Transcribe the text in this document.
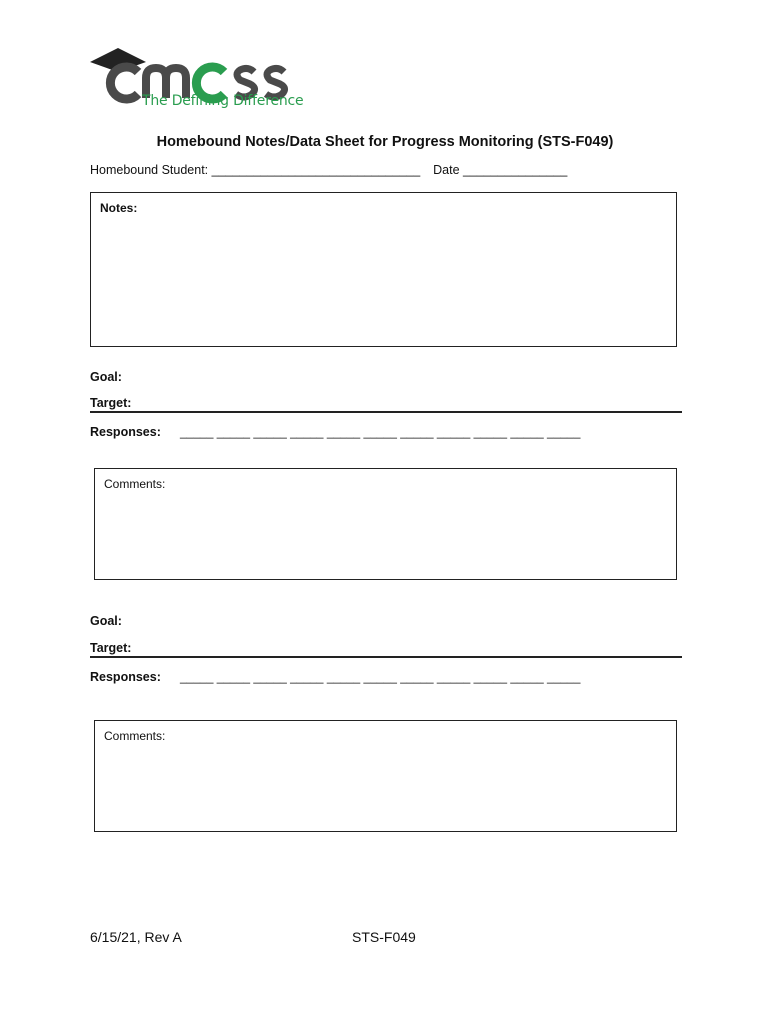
The Defining Difference
Homebound Notes/Data Sheet for Progress Monitoring (STS-F049)
Homebound Student: ______________________________ Date _______________
Notes:
Goal:
Target:
Responses: _____ _____ _____ _____ _____ _____ _____ _____ _____ _____ _____
Comments:
Goal:
Target:
Responses: _____ _____ _____ _____ _____ _____ _____ _____ _____ _____ _____
Comments:
6/15/21, Rev A	STS-F049
